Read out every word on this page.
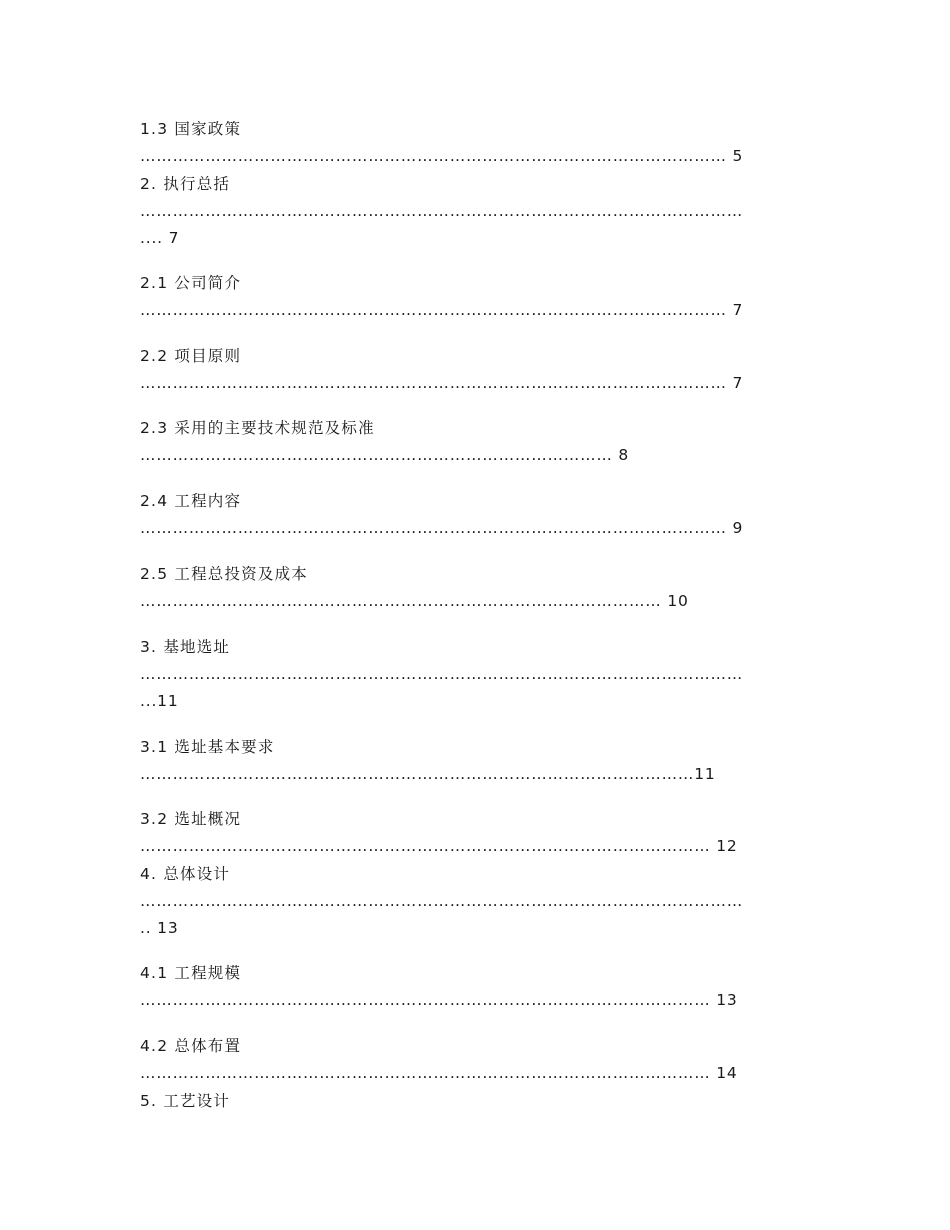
1.3 国家政策
……………………………………………………………………………………………… 5
2. 执行总括
…………………………………………………………………………………………………
.... 7
2.1 公司简介
……………………………………………………………………………………………… 7
2.2 项目原则
……………………………………………………………………………………………… 7
2.3 采用的主要技术规范及标准
…………………………………………………………………………… 8
2.4 工程内容
……………………………………………………………………………………………… 9
2.5 工程总投资及成本
…………………………………………………………………………………… 10
3. 基地选址
…………………………………………………………………………………………………
...11
3.1 选址基本要求
…………………………………………………………………………………………11
3.2 选址概况
…………………………………………………………………………………………… 12
4. 总体设计
…………………………………………………………………………………………………
.. 13
4.1 工程规模
…………………………………………………………………………………………… 13
4.2 总体布置
…………………………………………………………………………………………… 14
5. 工艺设计
